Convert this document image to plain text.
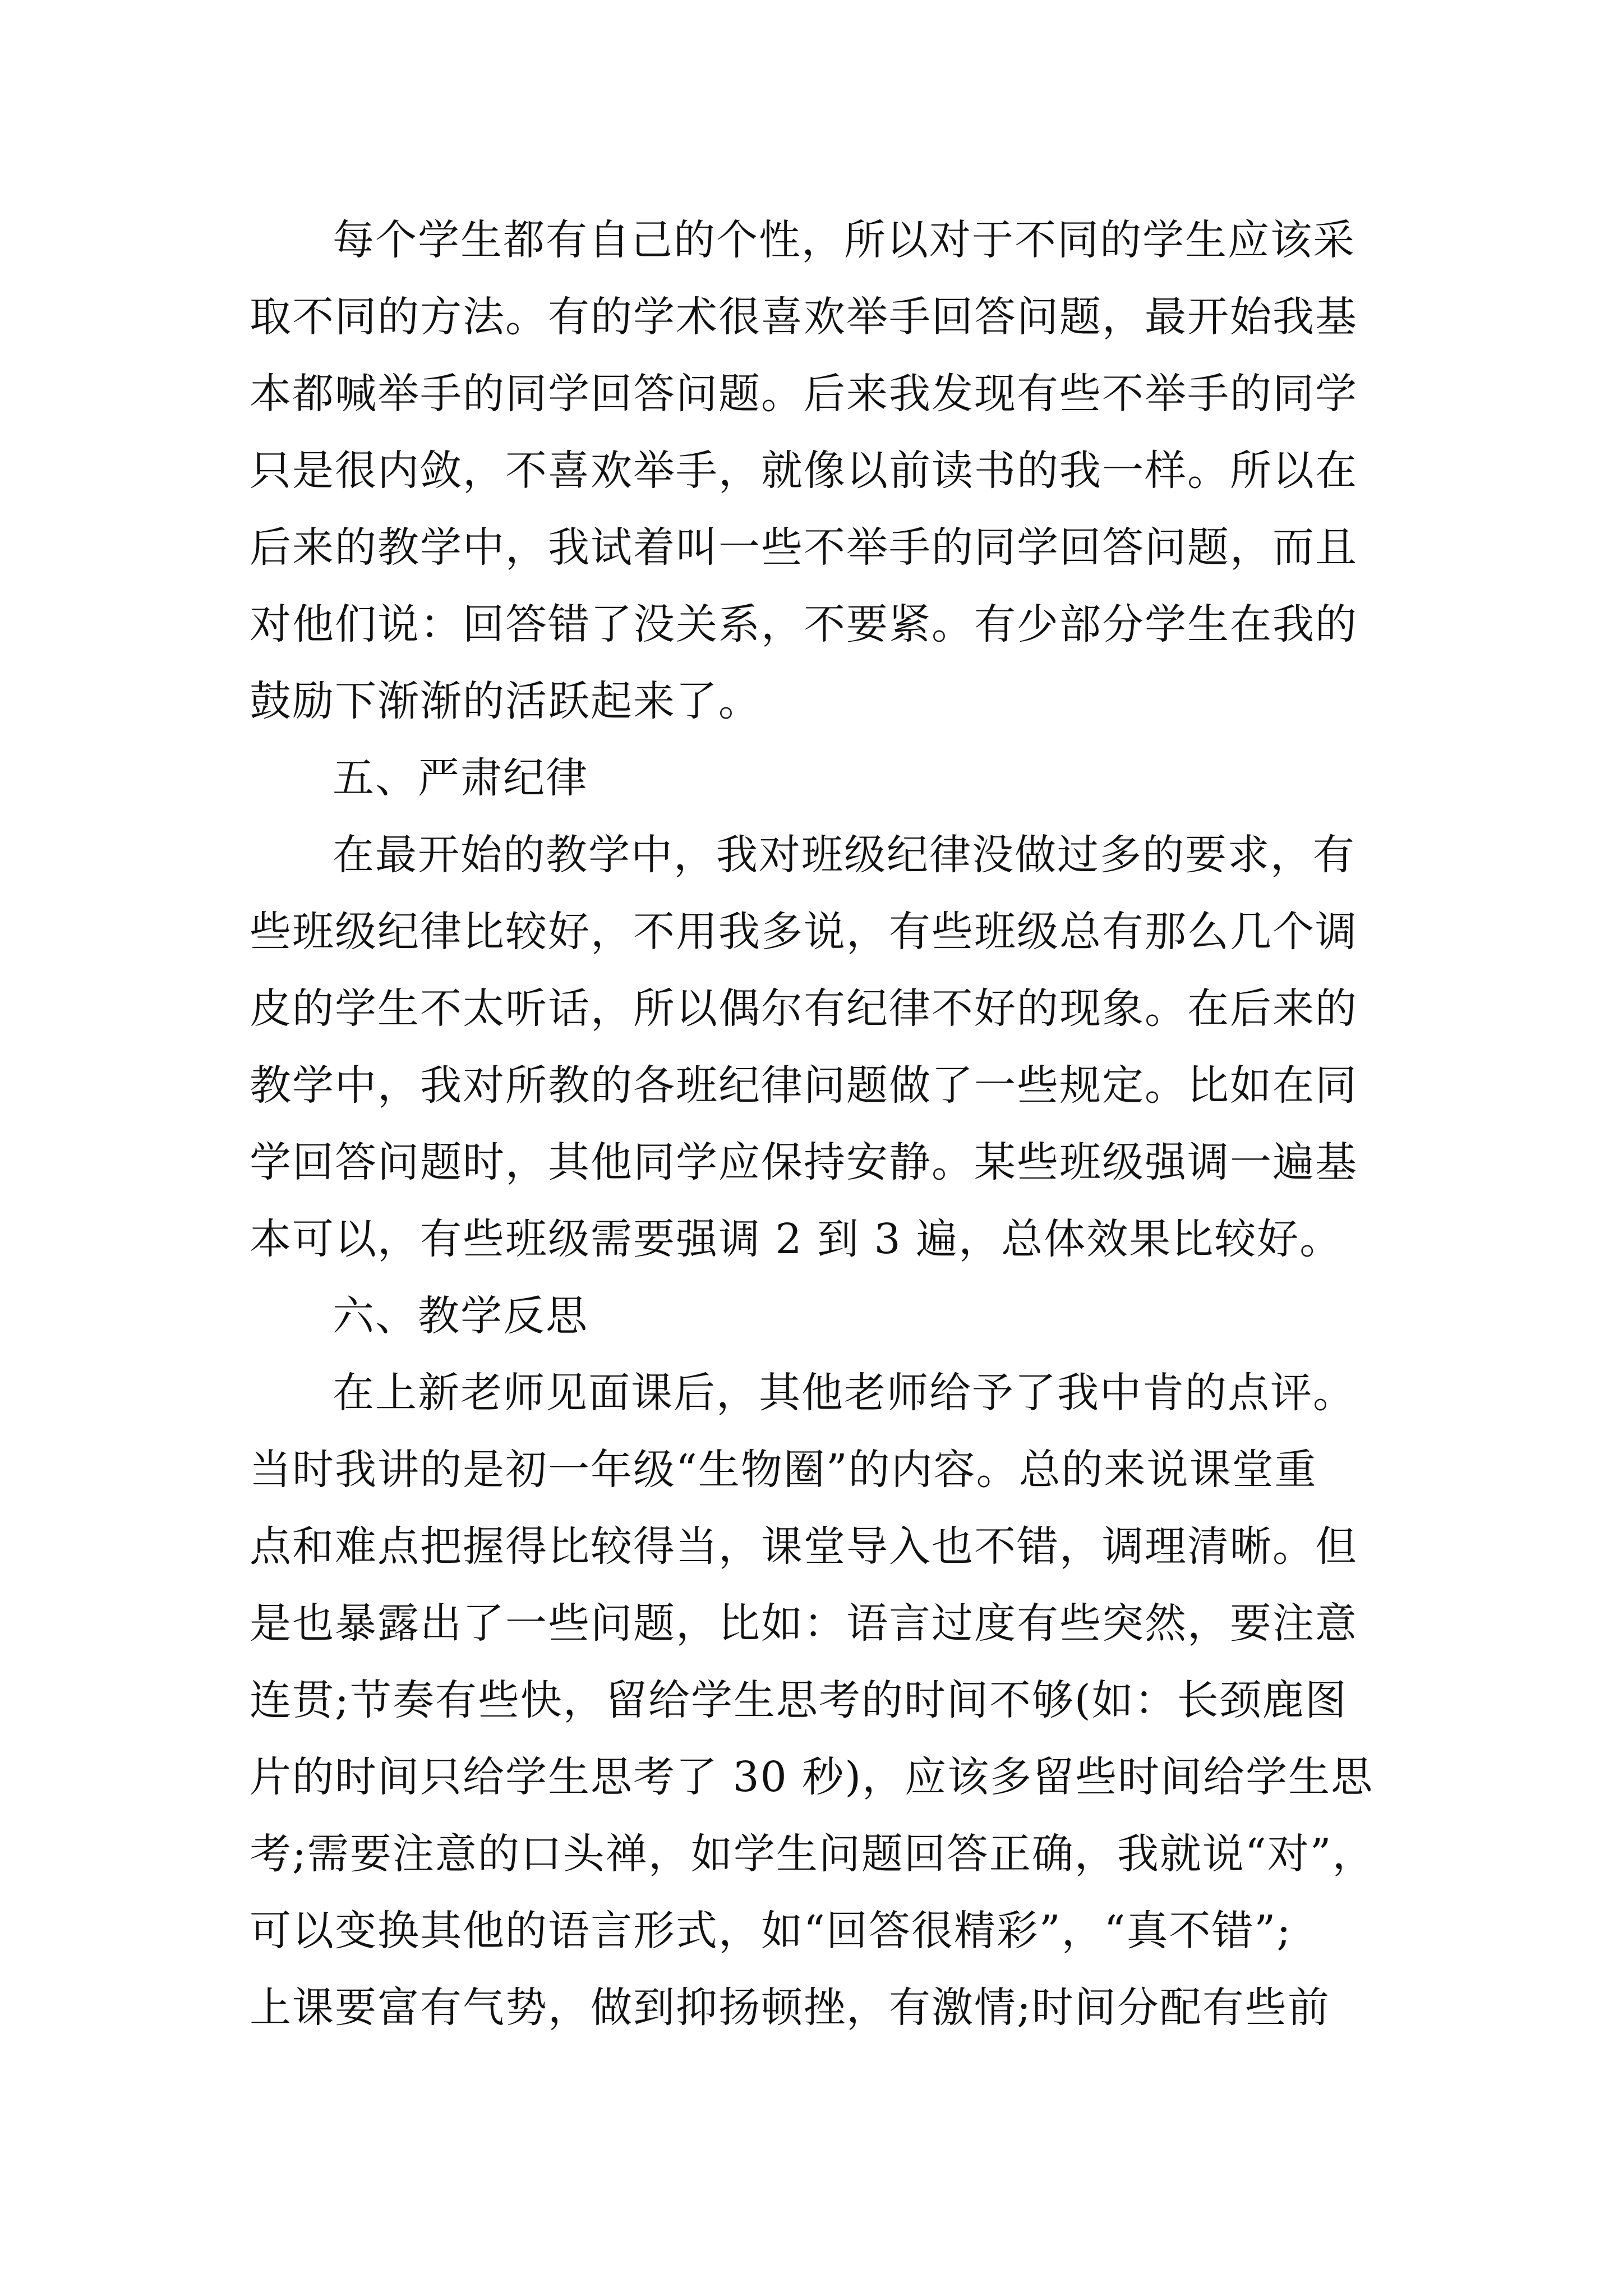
每个学生都有自己的个性，所以对于不同的学生应该采
取不同的方法。有的学术很喜欢举手回答问题，最开始我基
本都喊举手的同学回答问题。后来我发现有些不举手的同学
只是很内敛，不喜欢举手，就像以前读书的我一样。所以在
后来的教学中，我试着叫一些不举手的同学回答问题，而且
对他们说：回答错了没关系，不要紧。有少部分学生在我的
鼓励下渐渐的活跃起来了。
五、严肃纪律
在最开始的教学中，我对班级纪律没做过多的要求，有
些班级纪律比较好，不用我多说，有些班级总有那么几个调
皮的学生不太听话，所以偶尔有纪律不好的现象。在后来的
教学中，我对所教的各班纪律问题做了一些规定。比如在同
学回答问题时，其他同学应保持安静。某些班级强调一遍基
本可以，有些班级需要强调 2 到 3 遍，总体效果比较好。
六、教学反思
在上新老师见面课后，其他老师给予了我中肯的点评。
当时我讲的是初一年级“生物圈”的内容。总的来说课堂重
点和难点把握得比较得当，课堂导入也不错，调理清晰。但
是也暴露出了一些问题，比如：语言过度有些突然，要注意
连贯;节奏有些快，留给学生思考的时间不够(如：长颈鹿图
片的时间只给学生思考了 30 秒)，应该多留些时间给学生思
考;需要注意的口头禅，如学生问题回答正确，我就说“对”，
可以变换其他的语言形式，如“回答很精彩”，“真不错”;
上课要富有气势，做到抑扬顿挫，有激情;时间分配有些前
